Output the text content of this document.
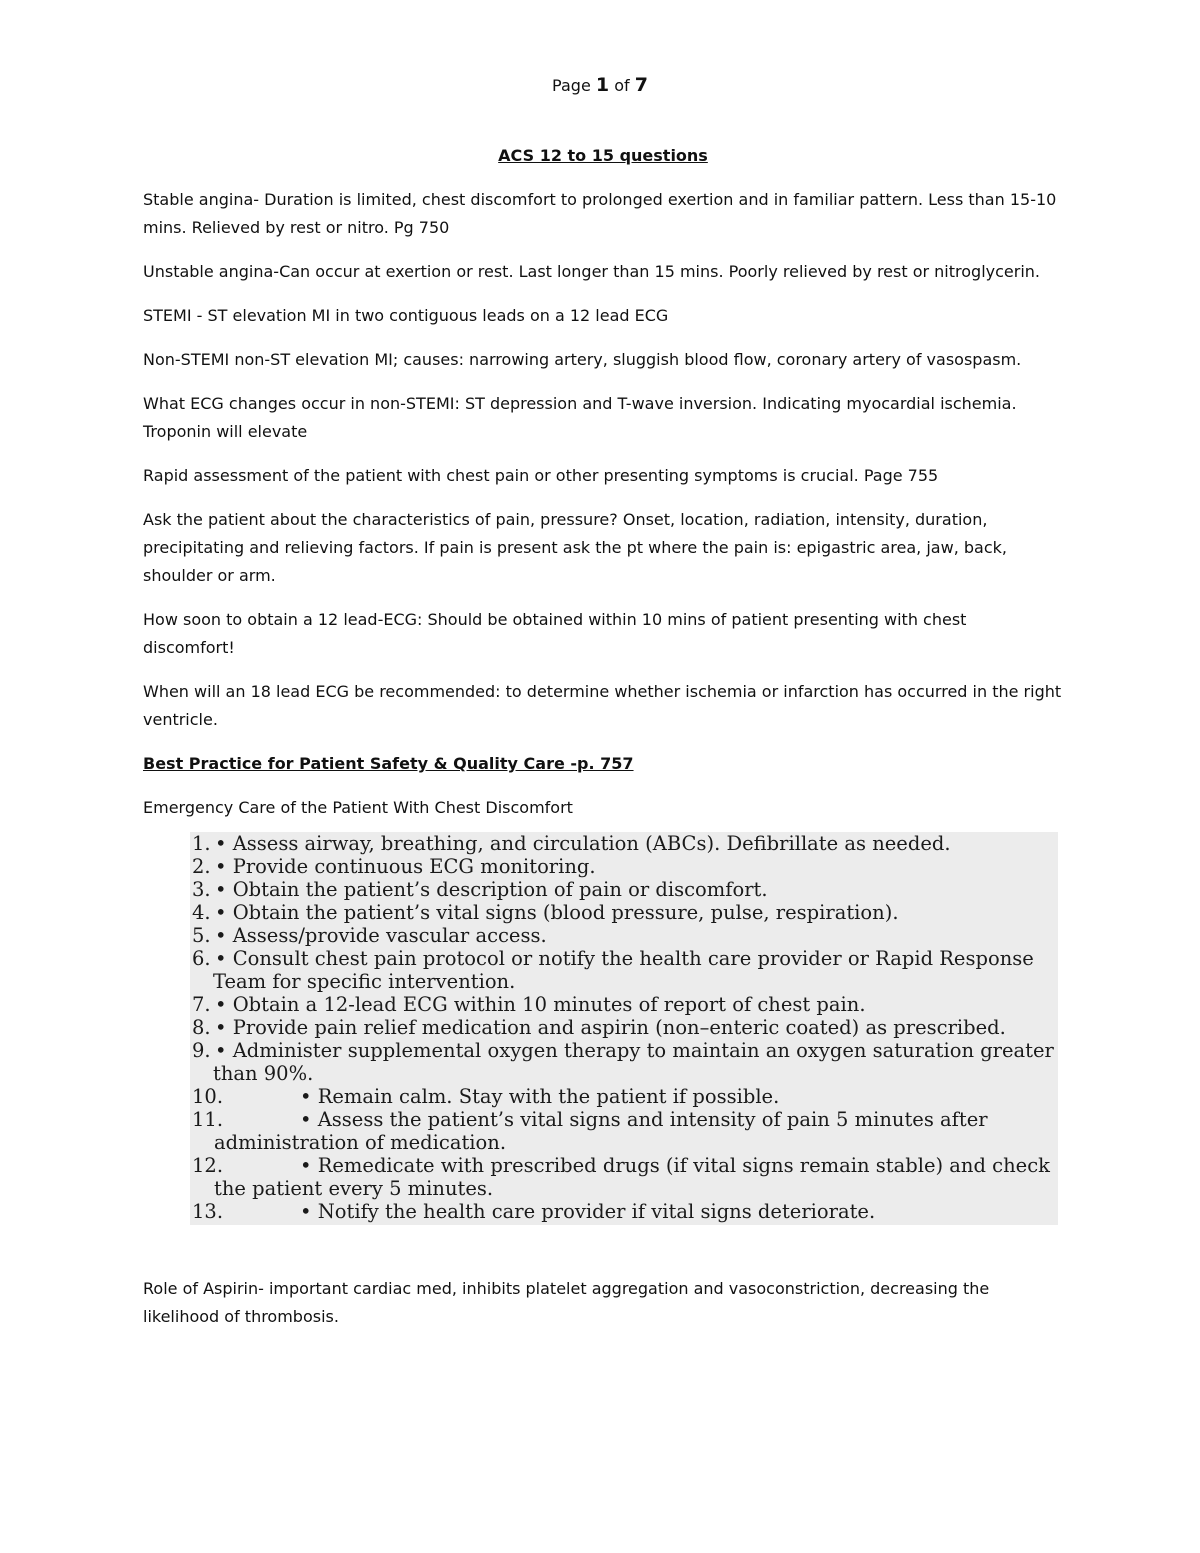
Page 1 of 7
ACS 12 to 15 questions
Stable angina- Duration is limited, chest discomfort to prolonged exertion and in familiar pattern. Less than 15-10 mins. Relieved by rest or nitro. Pg 750
Unstable angina-Can occur at exertion or rest. Last longer than 15 mins. Poorly relieved by rest or nitroglycerin.
STEMI - ST elevation MI in two contiguous leads on a 12 lead ECG
Non-STEMI non-ST elevation MI; causes: narrowing artery, sluggish blood flow, coronary artery of vasospasm.
What ECG changes occur in non-STEMI: ST depression and T-wave inversion. Indicating myocardial ischemia. Troponin will elevate
Rapid assessment of the patient with chest pain or other presenting symptoms is crucial. Page 755
Ask the patient about the characteristics of pain, pressure? Onset, location, radiation, intensity, duration, precipitating and relieving factors. If pain is present ask the pt where the pain is: epigastric area, jaw, back, shoulder or arm.
How soon to obtain a 12 lead-ECG: Should be obtained within 10 mins of patient presenting with chest discomfort!
When will an 18 lead ECG be recommended: to determine whether ischemia or infarction has occurred in the right ventricle.
Best Practice for Patient Safety & Quality Care -p. 757
Emergency Care of the Patient With Chest Discomfort
1. • Assess airway, breathing, and circulation (ABCs). Defibrillate as needed.
2. • Provide continuous ECG monitoring.
3. • Obtain the patient’s description of pain or discomfort.
4. • Obtain the patient’s vital signs (blood pressure, pulse, respiration).
5. • Assess/provide vascular access.
6. • Consult chest pain protocol or notify the health care provider or Rapid Response
Team for specific intervention.
7. • Obtain a 12-lead ECG within 10 minutes of report of chest pain.
8. • Provide pain relief medication and aspirin (non–enteric coated) as prescribed.
9. • Administer supplemental oxygen therapy to maintain an oxygen saturation greater
than 90%.
10.	• Remain calm. Stay with the patient if possible.
11.	• Assess the patient’s vital signs and intensity of pain 5 minutes after
administration of medication.
12.	• Remedicate with prescribed drugs (if vital signs remain stable) and check
the patient every 5 minutes.
13.	• Notify the health care provider if vital signs deteriorate.
Role of Aspirin- important cardiac med, inhibits platelet aggregation and vasoconstriction, decreasing the likelihood of thrombosis.
